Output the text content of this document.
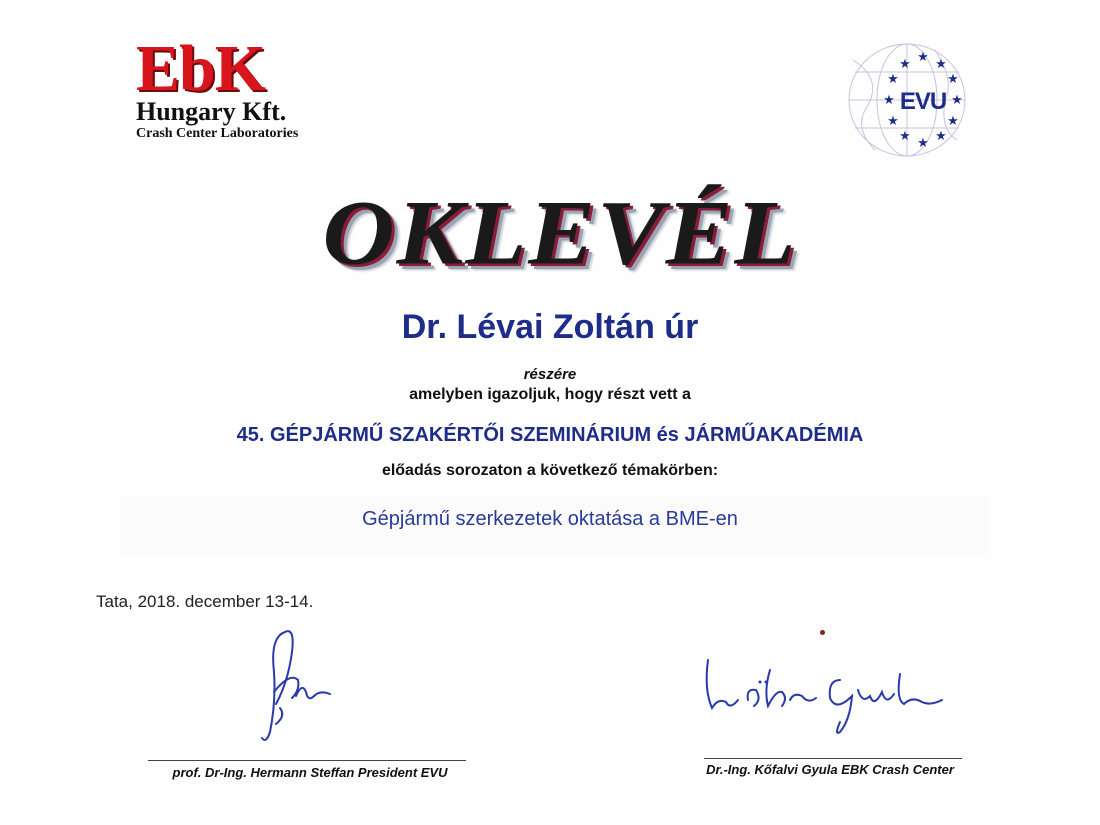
EbK
Hungary Kft.
Crash Center Laboratories
★ ★
★
★
★
★
★
★
★
★
★
★
EVU
OKLEVÉL
Dr. Lévai Zoltán úr
részére
amelyben igazoljuk, hogy részt vett a
45. GÉPJÁRMŰ SZAKÉRTŐI SZEMINÁRIUM és JÁRMŰAKADÉMIA
előadás sorozaton a következő témakörben:
Gépjármű szerkezetek oktatása a BME-en
Tata, 2018. december 13-14.
prof. Dr-Ing. Hermann Steffan President EVU	Dr.-Ing. Kőfalvi Gyula EBK Crash Center
